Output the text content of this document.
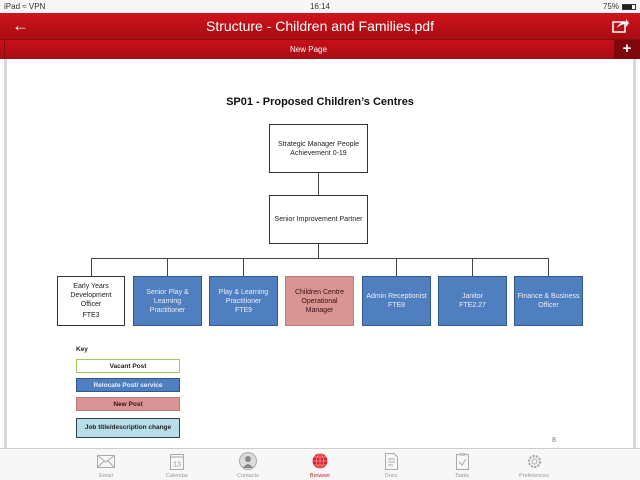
iPad ≈ VPN	16:14	75%
←	Structure - Children and Families.pdf
New Page	+
SP01 - Proposed Children’s Centres
Strategic Manager People Achievement 0-19
Senior Improvement Partner
Early Years Development Officer
FTE3
Senior Play & Learning Practitioner
Play & Learning Practitioner
FTE9
Children Centre Operational Manager
Admin Receptionist
FTE8
Janitor
FTE2.27
Finance & Business Officer
Key
Vacant Post
Relocate Post/ service
New Post
Job title/description change
8
Email
13
Calendar	Contacts	Browser	Docs	Tasks	Preferences
